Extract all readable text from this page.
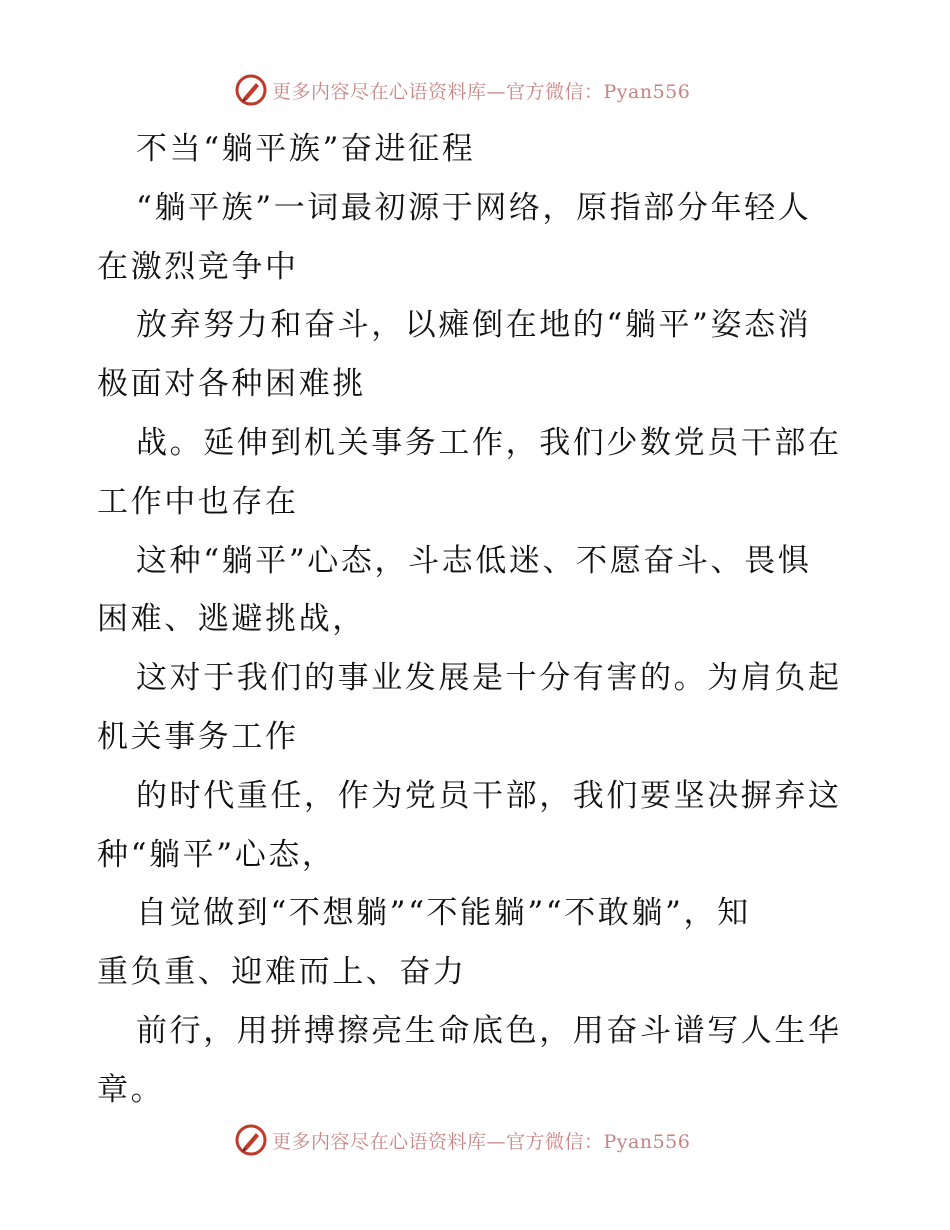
更多内容尽在心语资料库—官方微信：Pyan556
不当“躺平族”奋进征程
“躺平族”一词最初源于网络，原指部分年轻人
在激烈竞争中
放弃努力和奋斗，以瘫倒在地的“躺平”姿态消
极面对各种困难挑
战。延伸到机关事务工作，我们少数党员干部在
工作中也存在
这种“躺平”心态，斗志低迷、不愿奋斗、畏惧
困难、逃避挑战，
这对于我们的事业发展是十分有害的。为肩负起
机关事务工作
的时代重任，作为党员干部，我们要坚决摒弃这
种“躺平”心态，
自觉做到“不想躺”“不能躺”“不敢躺”，知
重负重、迎难而上、奋力
前行，用拼搏擦亮生命底色，用奋斗谱写人生华
章。
更多内容尽在心语资料库—官方微信：Pyan556
